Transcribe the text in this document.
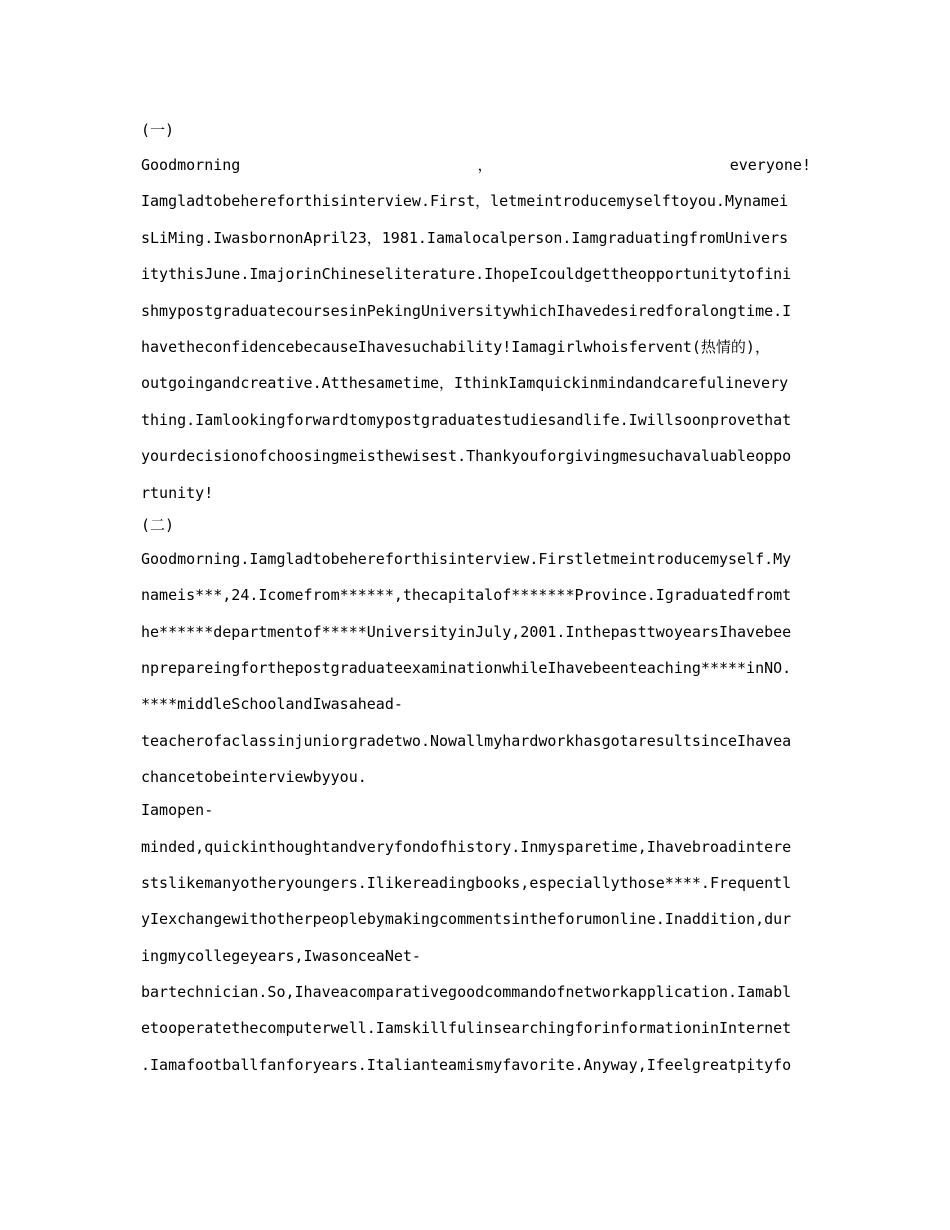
(一)
Goodmorning	，	everyone!
Iamgladtobehereforthisinterview.First，letmeintroducemyselftoyou.Mynamei
sLiMing.IwasbornonApril23，1981.Iamalocalperson.IamgraduatingfromUnivers
itythisJune.ImajorinChineseliterature.IhopeIcouldgettheopportunitytofini
shmypostgraduatecoursesinPekingUniversitywhichIhavedesiredforalongtime.I
havetheconfidencebecauseIhavesuchability!Iamagirlwhoisfervent(热情的)，
outgoingandcreative.Atthesametime，IthinkIamquickinmindandcarefulinevery
thing.Iamlookingforwardtomypostgraduatestudiesandlife.Iwillsoonprovethat
yourdecisionofchoosingmeisthewisest.Thankyouforgivingmesuchavaluableoppo
rtunity!
(二)
Goodmorning.Iamgladtobehereforthisinterview.Firstletmeintroducemyself.My
nameis***,24.Icomefrom******,thecapitalof*******Province.Igraduatedfromt
he******departmentof*****UniversityinJuly,2001.InthepasttwoyearsIhavebee
nprepareingforthepostgraduateexaminationwhileIhavebeenteaching*****inNO.
****middleSchoolandIwasahead-
teacherofaclassinjuniorgradetwo.NowallmyhardworkhasgotaresultsinceIhavea
chancetobeinterviewbyyou.
Iamopen-
minded,quickinthoughtandveryfondofhistory.Inmysparetime,Ihavebroadintere
stslikemanyotheryoungers.Ilikereadingbooks,especiallythose****.Frequentl
yIexchangewithotherpeoplebymakingcommentsintheforumonline.Inaddition,dur
ingmycollegeyears,IwasonceaNet-
bartechnician.So,Ihaveacomparativegoodcommandofnetworkapplication.Iamabl
etooperatethecomputerwell.IamskillfulinsearchingforinformationinInternet
.Iamafootballfanforyears.Italianteamismyfavorite.Anyway,Ifeelgreatpityfo
